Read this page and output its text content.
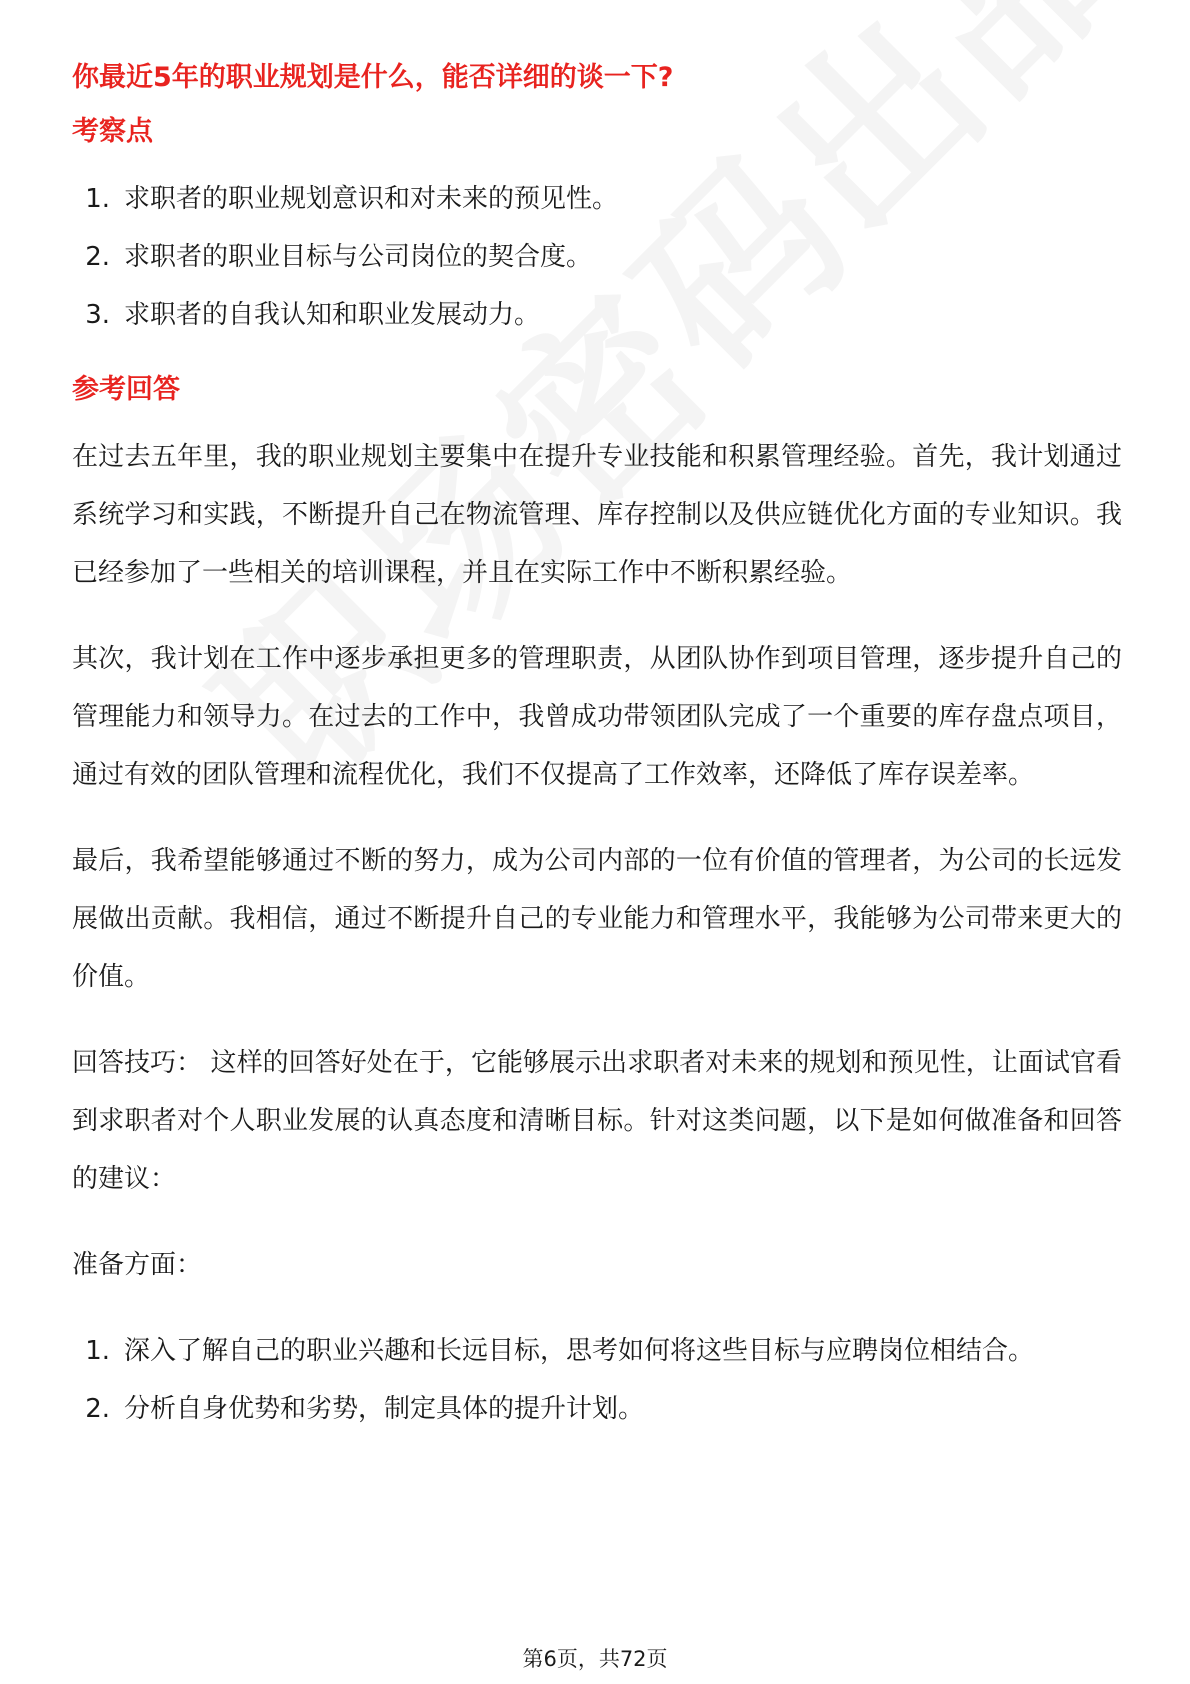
你最近5年的职业规划是什么，能否详细的谈一下?
考察点
1. 求职者的职业规划意识和对未来的预见性。
2. 求职者的职业目标与公司岗位的契合度。
3. 求职者的自我认知和职业发展动力。
参考回答

在过去五年里，我的职业规划主要集中在提升专业技能和积累管理经验。首先，我计划通过系统学习和实践，不断提升自己在物流管理、库存控制以及供应链优化方面的专业知识。我已经参加了一些相关的培训课程，并且在实际工作中不断积累经验。

其次，我计划在工作中逐步承担更多的管理职责，从团队协作到项目管理，逐步提升自己的管理能力和领导力。在过去的工作中，我曾成功带领团队完成了一个重要的库存盘点项目，通过有效的团队管理和流程优化，我们不仅提高了工作效率，还降低了库存误差率。

最后，我希望能够通过不断的努力，成为公司内部的一位有价值的管理者，为公司的长远发展做出贡献。我相信，通过不断提升自己的专业能力和管理水平，我能够为公司带来更大的价值。

回答技巧： 这样的回答好处在于，它能够展示出求职者对未来的规划和预见性，让面试官看到求职者对个人职业发展的认真态度和清晰目标。针对这类问题，以下是如何做准备和回答的建议：

准备方面：
1. 深入了解自己的职业兴趣和长远目标，思考如何将这些目标与应聘岗位相结合。
2. 分析自身优势和劣势，制定具体的提升计划。
第6页，共72页
